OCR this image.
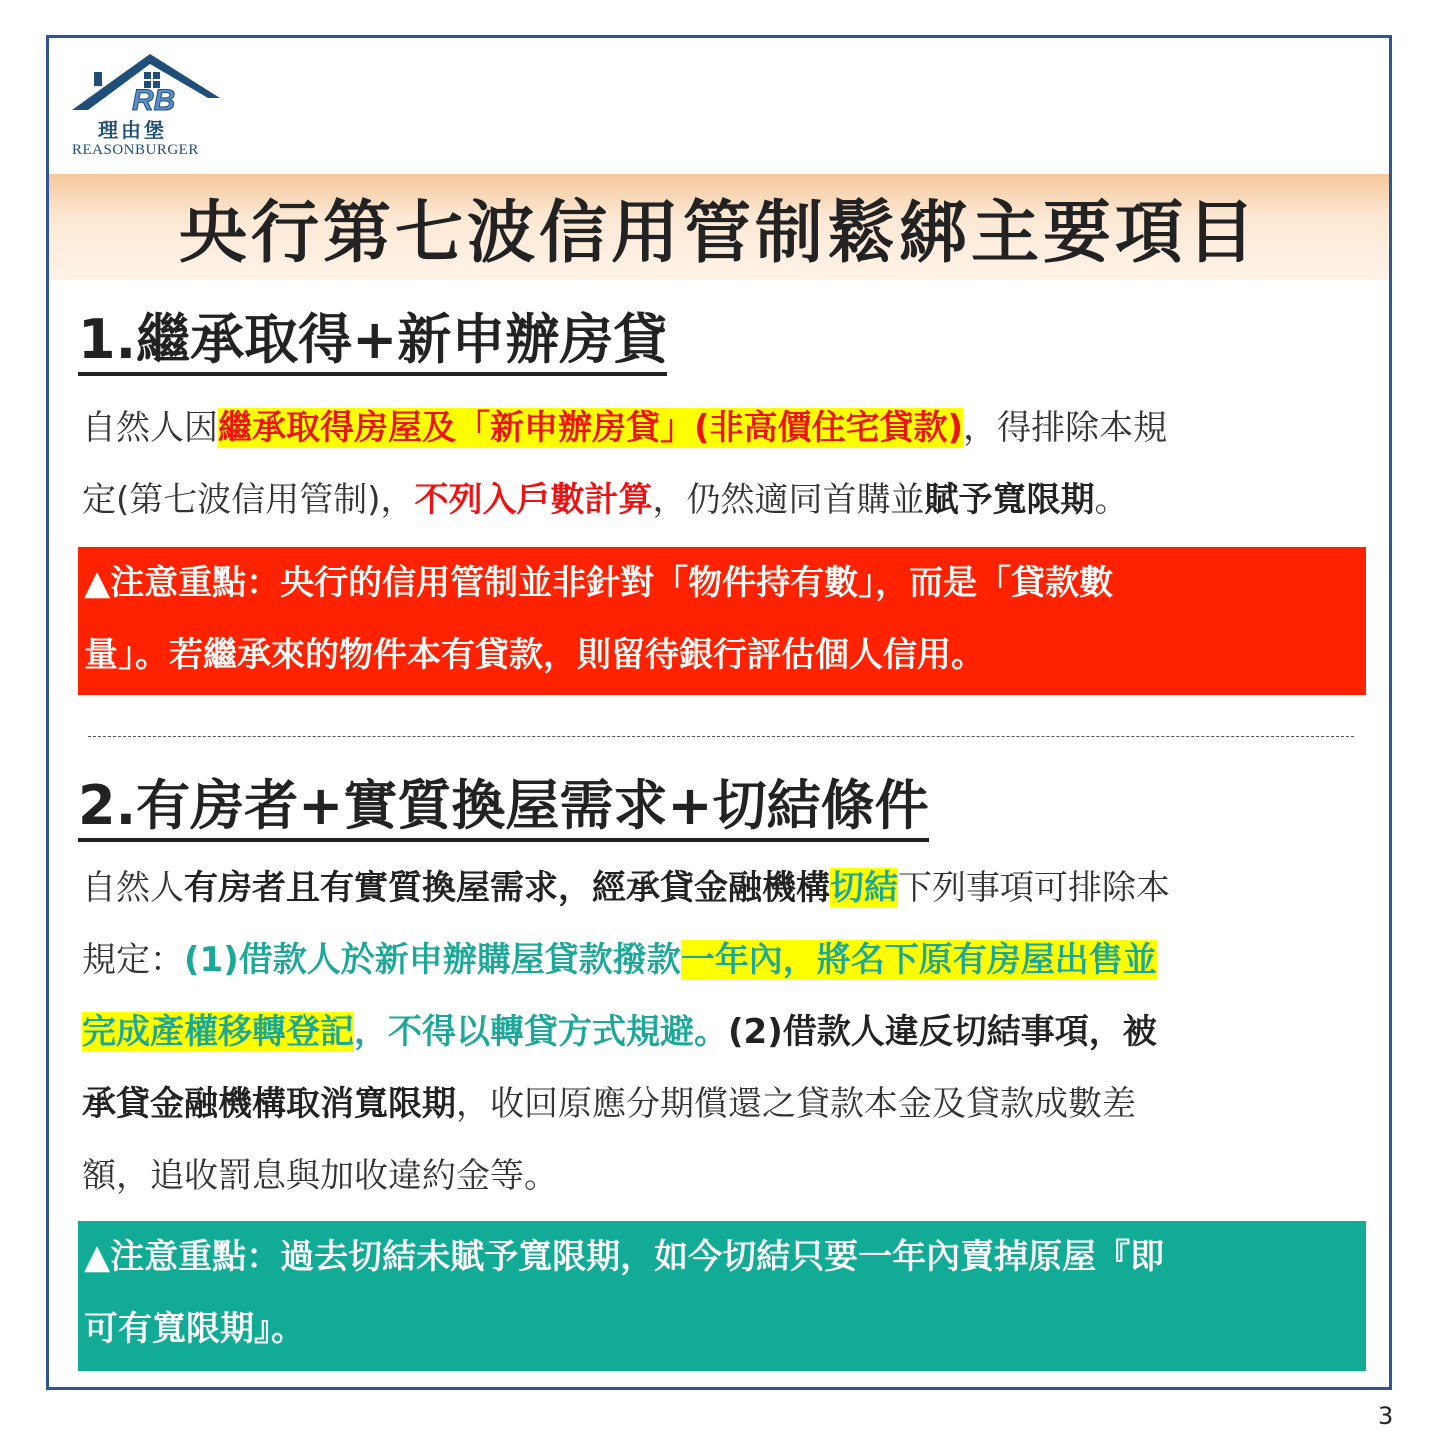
RB
理由堡
REASONBURGER
央行第七波信用管制鬆綁主要項目
1.繼承取得+新申辦房貸
自然人因繼承取得房屋及「新申辦房貸」(非高價住宅貸款)，得排除本規
定(第七波信用管制)，不列入戶數計算，仍然適同首購並賦予寬限期。
▲注意重點：央行的信用管制並非針對「物件持有數」，而是「貸款數
量」。若繼承來的物件本有貸款，則留待銀行評估個人信用。
2.有房者+實質換屋需求+切結條件
自然人有房者且有實質換屋需求，經承貸金融機構切結下列事項可排除本
規定：(1)借款人於新申辦購屋貸款撥款一年內，將名下原有房屋出售並
完成產權移轉登記，不得以轉貸方式規避。(2)借款人違反切結事項，被
承貸金融機構取消寬限期，收回原應分期償還之貸款本金及貸款成數差
額，追收罰息與加收違約金等。
▲注意重點：過去切結未賦予寬限期，如今切結只要一年內賣掉原屋『即
可有寬限期』。
3
